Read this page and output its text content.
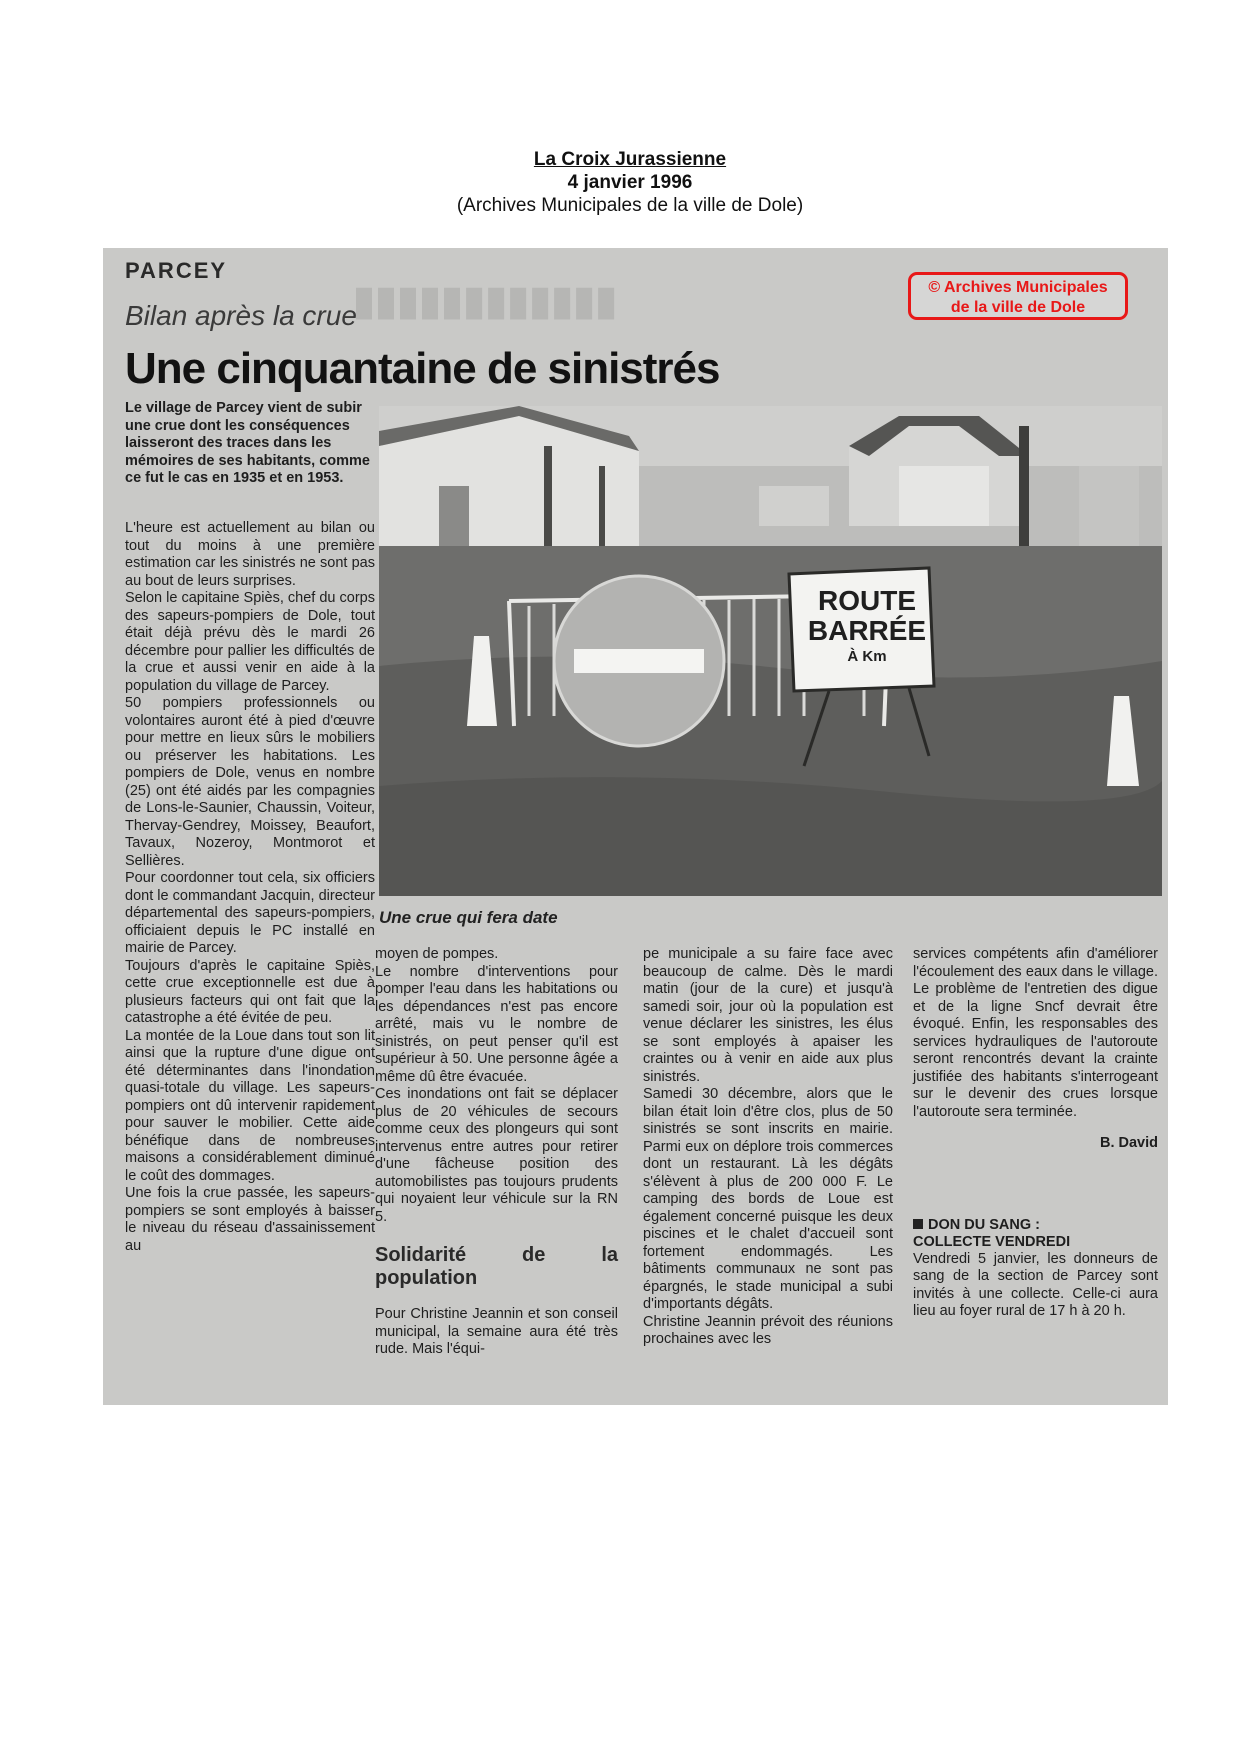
La Croix Jurassienne
4 janvier 1996
(Archives Municipales de la ville de Dole)
▮▮▮▮▮▮▮▮▮▮▮▮
PARCEY
Bilan après la crue
Une cinquantaine de sinistrés
Le village de Parcey vient de subir une crue dont les conséquences laisseront des traces dans les mémoires de ses habitants, comme ce fut le cas en 1935 et en 1953.

L'heure est actuellement au bilan ou tout du moins à une première estimation car les sinistrés ne sont pas au bout de leurs surprises.

Selon le capitaine Spiès, chef du corps des sapeurs-pompiers de Dole, tout était déjà prévu dès le mardi 26 décembre pour pallier les difficultés de la crue et aussi venir en aide à la population du village de Parcey.

50 pompiers professionnels ou volontaires auront été à pied d'œuvre pour mettre en lieux sûrs le mobiliers ou préserver les habitations. Les pompiers de Dole, venus en nombre (25) ont été aidés par les compagnies de Lons-le-Saunier, Chaussin, Voiteur, Thervay-Gendrey, Moissey, Beaufort, Tavaux, Nozeroy, Montmorot et Sellières.

Pour coordonner tout cela, six officiers dont le commandant Jacquin, directeur départemental des sapeurs-pompiers, officiaient depuis le PC installé en mairie de Parcey.

Toujours d'après le capitaine Spiès, cette crue exceptionnelle est due à plusieurs facteurs qui ont fait que la catastrophe a été évitée de peu.

La montée de la Loue dans tout son lit ainsi que la rupture d'une digue ont été déterminantes dans l'inondation quasi-totale du village. Les sapeurs-pompiers ont dû intervenir rapidement pour sauver le mobilier. Cette aide bénéfique dans de nombreuses maisons a considérablement diminué le coût des dommages.

Une fois la crue passée, les sapeurs-pompiers se sont employés à baisser le niveau du réseau d'assainissement au

ROUTE
BARRÉE
À Km
Une crue qui fera date

moyen de pompes.

Le nombre d'interventions pour pomper l'eau dans les habitations ou les dépendances n'est pas encore arrêté, mais vu le nombre de sinistrés, on peut penser qu'il est supérieur à 50. Une personne âgée a même dû être évacuée.

Ces inondations ont fait se déplacer plus de 20 véhicules de secours comme ceux des plongeurs qui sont intervenus entre autres pour retirer d'une fâcheuse position des automobilistes pas toujours prudents qui noyaient leur véhicule sur la RN 5.

Solidarité de la population

Pour Christine Jeannin et son conseil municipal, la semaine aura été très rude. Mais l'équi-

pe municipale a su faire face avec beaucoup de calme. Dès le mardi matin (jour de la cure) et jusqu'à samedi soir, jour où la population est venue déclarer les sinistres, les élus se sont employés à apaiser les craintes ou à venir en aide aux plus sinistrés.

Samedi 30 décembre, alors que le bilan était loin d'être clos, plus de 50 sinistrés se sont inscrits en mairie. Parmi eux on déplore trois commerces dont un restaurant. Là les dégâts s'élèvent à plus de 200 000 F. Le camping des bords de Loue est également concerné puisque les deux piscines et le chalet d'accueil sont fortement endommagés. Les bâtiments communaux ne sont pas épargnés, le stade municipal a subi d'importants dégâts.

Christine Jeannin prévoit des réunions prochaines avec les

services compétents afin d'améliorer l'écoulement des eaux dans le village. Le problème de l'entretien des digue et de la ligne Sncf devrait être évoqué. Enfin, les responsables des services hydrauliques de l'autoroute seront rencontrés devant la crainte justifiée des habitants s'interrogeant sur le devenir des crues lorsque l'autoroute sera terminée.

B. David
DON DU SANG :
COLLECTE VENDREDI

Vendredi 5 janvier, les donneurs de sang de la section de Parcey sont invités à une collecte. Celle-ci aura lieu au foyer rural de 17 h à 20 h.

© Archives Municipales
de la ville de Dole
